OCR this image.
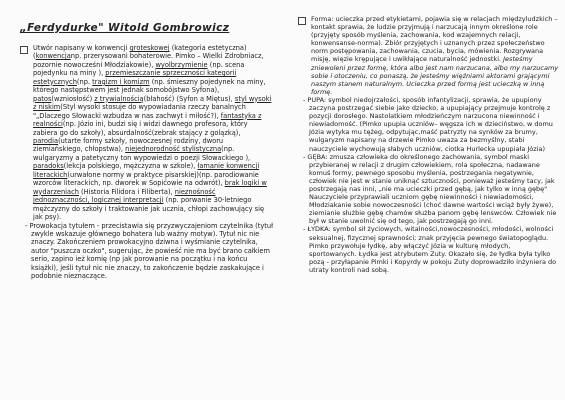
„Ferdydurke" Witold Gombrowicz

Utwór napisany w konwencji groteskowej (kategoria estetyczna)
(konwencjanp. przerysowani bohaterowie. Pimko – Wielki Zdrobniacz, pozornie nowocześni Młodziakowie), wyolbrzymienie (np. scena pojedynku na miny ), przemieszczanie sprzeczności kategorii estetycznych(np. tragizm i komizm (np. śmieszny pojedynek na miny, którego następstwem jest jednak somobójstwo Syfona), patos(wzniosłość) z trywialnością(błahość) (Syfon a Miętus), styl wysoki z niskim(Styl wysoki stosuje do wypowiadania rzeczy banalnych "„Dlaczego Słowacki wzbudza w nas zachwyt i miłość?), fantastyka z realności(np. Józio ini, budzi się i widzi dawnego profesora, który zabiera go do szkoły), absurdalność(zebrak stający z golązką), parodia(utarte formy szkoły, nowoczesnej rodziny, dworu ziemiańskiego, chłopstwa), niejednorodność stylistyczna(np. wulgaryzmy a patetyczny ton wypowiedzi o poezji Słowackiego ), paradoks(lekcja polskiego, mężczyzna w szkole), łamanie konwencji literackich(urwałone normy w praktyce pisarskiej)(np. parodiowanie wzorców literackich, np. dworek w Sopićowie na odwrót), brak logiki w wydarzeniach (Historia Filidora i Filiberta), nieznośność jednoznaczności, logicznej interpretacji (np. porwanie 30-letniego mężczyzny do szkoły i traktowanie jak ucznia, chłopi zachowujący się jak psy).

- Prowokacja tytułem - przecistawia się przyzwyczajeniom czytelnika (tytuł zwykle wskazuje głównego bohatera lub ważny motyw). Tytuł nic nie znaczy. Zakończeniem prowokacyjno dziwna i wyśmianie czytelnika, autor "puszcza oczko", sugerując, że powieść nie ma być brano całkiem serio, zapino ież komię (np jak porowanie na początku i na końcu książki), jeśli tytuł nic nie znaczy, to zakończenie będzie zaskakujące i podobnie nieznaczące.

Forma: ucieczka przed etykietami, pojawia się w relacjach międzyludzkich – kontakt sprawia, że ludzie przyjmują i narzucają innym określone role (przyjęty sposób myślenia, zachowania, kod wzajemnych relacji, konwensanse-norma). Zbiór przyjętych i uznanych przez społeczeństwo norm postępowania, zachowania, czucia, bycia, mówienia. Rozgrywana misję, więzie krępujące i uwikłające naturalność jednostki. Jesteśmy zniewoleni przez formę, która albo jest nam narzucana, albo my narzucamy sobie i otoczeniu, co ponaszą, że jesteśmy więźniami aktorami grającymi naszym stanem naturalnym. Ucieczka przed formą jest ucieczką w inną formę.

- PUPA: symbol niedojrzałości, sposób infantylizacji, sprawia, że upupiony zaczyna postrzegać siebie jako dziecko, a upupiający przejmuje kontrolę z pozycji dorosłego. Nastolatkiem młodzieńczym narzucona niewinność i niewiadomość. (Pimko upupia uczniów– węgsza ich w dzieciństwo, w domu Józia wytyka mu tężeg, odpytując,maść patryzty na synków za brumy, wulgaryzm napisany na drzewie Pimko uwaza za bezmyślny, stabi nauczyciele wychowują słabych uczniów, ciotka Hurlecka upupiała Józia)

- GĘBA: zmusza człowieka do określonego zachowania, symbol maski przybieranej w relacji z drugim człowiekiem, rola społeczna, nadawane komuś formy, pewnego sposobu myślenia, postrzegania negatywnie, człowiek nie jest w stanie uniknąć sztuczności, ponieważ jesteśmy tacy, jak postrzegają nas inni, „nie ma ucieczki przed gębą, jak tylko w inną gębę" Nauczyciele przyprawiali uczniom gębę niewinności i niewiadomości, Młodziakanie sobie nowoczesności (choć dawne wartości wciąż były żywe), ziemianie służbie gębę chamów służba panom gębę lenswców. Człowiek nie był w stanie uwolnić się od tego, jak postrzegają go inni.

- ŁYDKA: symbol sił życiowych, witalności,nowoczesności, młodości, wolności seksualnej, fizycznej sprawności; znak przyjęcia pewnego światopoglądu. Pimko przywołuje łydkę, aby włączyć Józia w kulturę młodych, sportowanych. Łydka jest atrybutem Zuty. Okazało się, że łydka była tylko pozą - przyłapanie Pimki i Kopyrdy w pokoju Zuty doprowadziło inżyniera do utraty kontroli nad sobą.
